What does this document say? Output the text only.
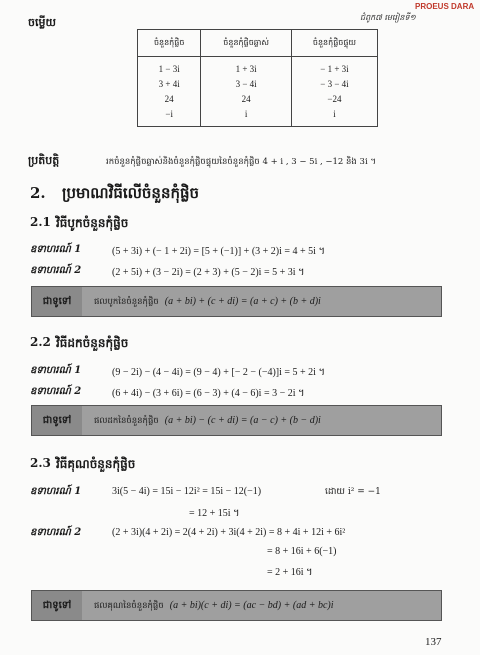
PROEUS DARA
ជំពូក៧ មេរៀនទី១
ចម្លើយ
ចំនួនកុំផ្លិច	ចំនួនកុំផ្លិចឆ្លាស់	ចំនួនកុំផ្លិចផ្ទុយ
1 − 3i	1 + 3i	− 1 + 3i
3 + 4i	3 − 4i	− 3 − 4i
24	24	−24
−i	i	i
ប្រតិបត្តិ	រកចំនួនកុំផ្លិចឆ្លាស់និងចំនួនកុំផ្លិចផ្ទុយនៃចំនួនកុំផ្លិច 4 + i , 3 − 5i , −12 និង 3i ។
2. ប្រមាណវិធីលើចំនួនកុំផ្លិច
2.1 វិធីបូកចំនួនកុំផ្លិច
ឧទាហរណ៍ 1	(5 + 3i) + (− 1 + 2i) = [5 + (−1)] + (3 + 2)i = 4 + 5i ។
ឧទាហរណ៍ 2	(2 + 5i) + (3 − 2i) = (2 + 3) + (5 − 2)i = 5 + 3i ។
ជាទូទៅ	ផលបូកនៃចំនួនកុំផ្លិច (a + bi) + (c + di) = (a + c) + (b + d)i
2.2 វិធីដកចំនួនកុំផ្លិច
ឧទាហរណ៍ 1	(9 − 2i) − (4 − 4i) = (9 − 4) + [− 2 − (−4)]i = 5 + 2i ។
ឧទាហរណ៍ 2	(6 + 4i) − (3 + 6i) = (6 − 3) + (4 − 6)i = 3 − 2i ។
ជាទូទៅ	ផលដកនៃចំនួនកុំផ្លិច (a + bi) − (c + di) = (a − c) + (b − d)i
2.3 វិធីគុណចំនួនកុំផ្លិច
ឧទាហរណ៍ 1	3i(5 − 4i) = 15i − 12i² = 15i − 12(−1)	ដោយ i² = −1
= 12 + 15i ។
ឧទាហរណ៍ 2	(2 + 3i)(4 + 2i) = 2(4 + 2i) + 3i(4 + 2i) = 8 + 4i + 12i + 6i²
= 8 + 16i + 6(−1)
= 2 + 16i ។
ជាទូទៅ	ផលគុណនៃចំនួនកុំផ្លិច (a + bi)(c + di) = (ac − bd) + (ad + bc)i
137
